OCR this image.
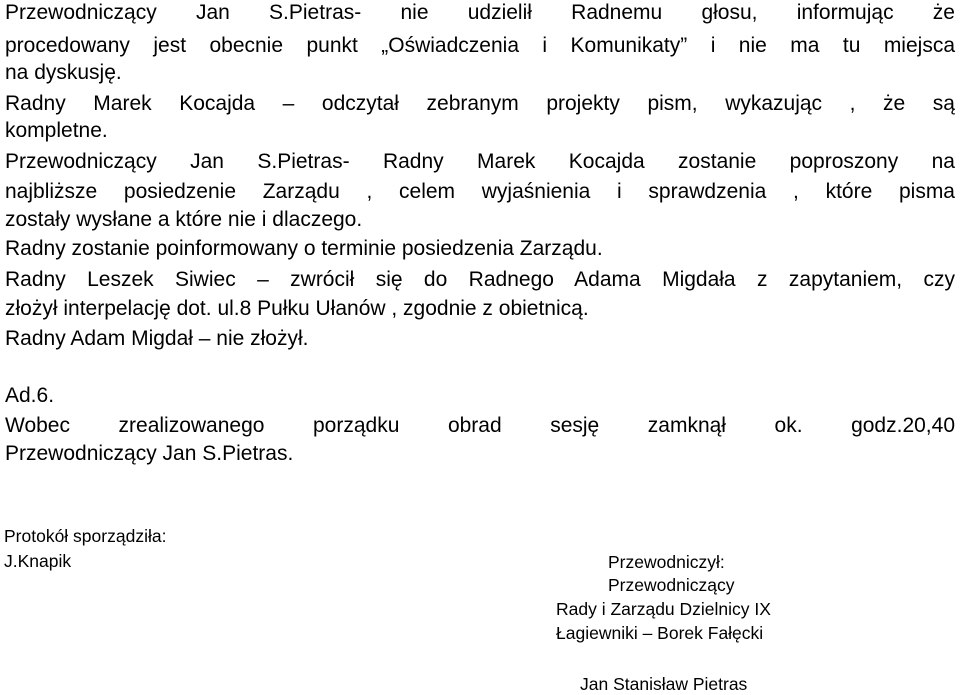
Przewodniczący Jan S.Pietras- nie udzielił Radnemu głosu, informując że
procedowany jest obecnie punkt „Oświadczenia i Komunikaty” i nie ma tu miejsca
na dyskusję.
Radny Marek Kocajda – odczytał zebranym projekty pism, wykazując , że są
kompletne.
Przewodniczący Jan S.Pietras- Radny Marek Kocajda zostanie poproszony na
najbliższe posiedzenie Zarządu , celem wyjaśnienia i sprawdzenia , które pisma
zostały wysłane a które nie i dlaczego.
Radny zostanie poinformowany o terminie posiedzenia Zarządu.
Radny Leszek Siwiec – zwrócił się do Radnego Adama Migdała z zapytaniem, czy
złożył interpelację dot. ul.8 Pułku Ułanów , zgodnie z obietnicą.
Radny Adam Migdał – nie złożył.
Ad.6.
Wobec zrealizowanego porządku obrad sesję zamknął ok. godz.20,40
Przewodniczący Jan S.Pietras.
Protokół sporządziła:
J.Knapik	Przewodniczył:
Przewodniczący
Rady i Zarządu Dzielnicy IX
Łagiewniki – Borek Fałęcki
Jan Stanisław Pietras
